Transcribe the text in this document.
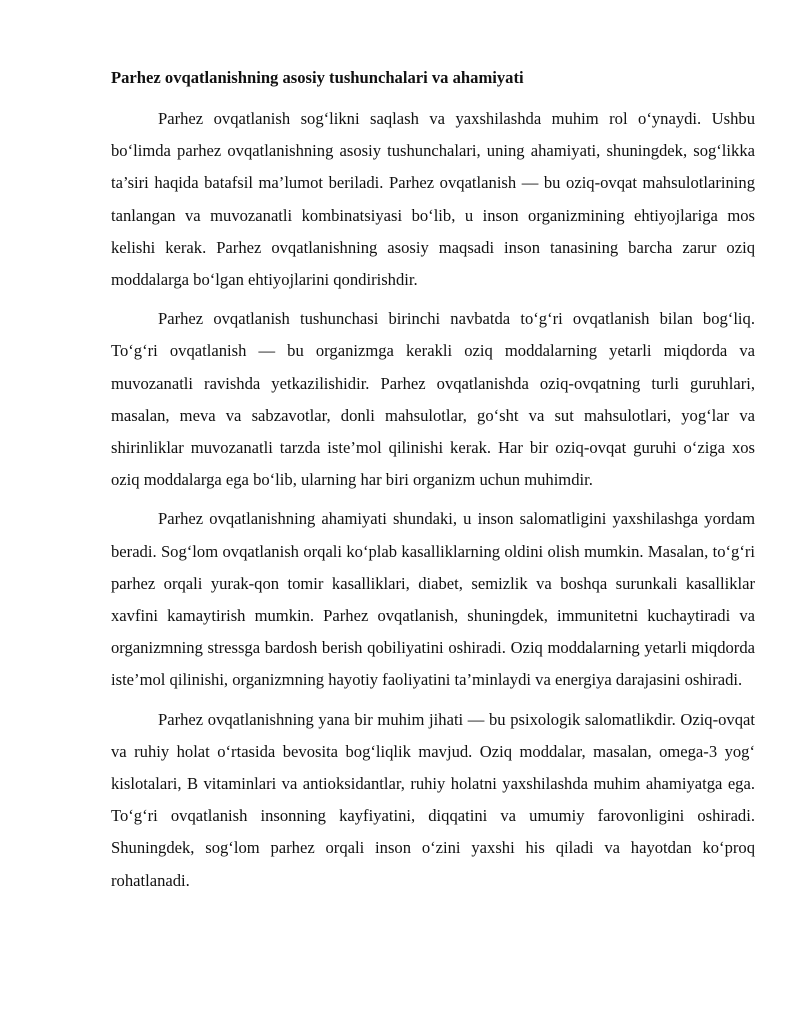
Parhez ovqatlanishning asosiy tushunchalari va ahamiyati

Parhez ovqatlanish sog‘likni saqlash va yaxshilashda muhim rol o‘ynaydi. Ushbu bo‘limda parhez ovqatlanishning asosiy tushunchalari, uning ahamiyati, shuningdek, sog‘likka ta’siri haqida batafsil ma’lumot beriladi. Parhez ovqatlanish — bu oziq-ovqat mahsulotlarining tanlangan va muvozanatli kombinatsiyasi bo‘lib, u inson organizmining ehtiyojlariga mos kelishi kerak. Parhez ovqatlanishning asosiy maqsadi inson tanasining barcha zarur oziq moddalarga bo‘lgan ehtiyojlarini qondirishdir.

Parhez ovqatlanish tushunchasi birinchi navbatda to‘g‘ri ovqatlanish bilan bog‘liq. To‘g‘ri ovqatlanish — bu organizmga kerakli oziq moddalarning yetarli miqdorda va muvozanatli ravishda yetkazilishidir. Parhez ovqatlanishda oziq-ovqatning turli guruhlari, masalan, meva va sabzavotlar, donli mahsulotlar, go‘sht va sut mahsulotlari, yog‘lar va shirinliklar muvozanatli tarzda iste’mol qilinishi kerak. Har bir oziq-ovqat guruhi o‘ziga xos oziq moddalarga ega bo‘lib, ularning har biri organizm uchun muhimdir.

Parhez ovqatlanishning ahamiyati shundaki, u inson salomatligini yaxshilashga yordam beradi. Sog‘lom ovqatlanish orqali ko‘plab kasalliklarning oldini olish mumkin. Masalan, to‘g‘ri parhez orqali yurak-qon tomir kasalliklari, diabet, semizlik va boshqa surunkali kasalliklar xavfini kamaytirish mumkin. Parhez ovqatlanish, shuningdek, immunitetni kuchaytiradi va organizmning stressga bardosh berish qobiliyatini oshiradi. Oziq moddalarning yetarli miqdorda iste’mol qilinishi, organizmning hayotiy faoliyatini ta’minlaydi va energiya darajasini oshiradi.

Parhez ovqatlanishning yana bir muhim jihati — bu psixologik salomatlikdir. Oziq-ovqat va ruhiy holat o‘rtasida bevosita bog‘liqlik mavjud. Oziq moddalar, masalan, omega-3 yog‘ kislotalari, B vitaminlari va antioksidantlar, ruhiy holatni yaxshilashda muhim ahamiyatga ega. To‘g‘ri ovqatlanish insonning kayfiyatini, diqqatini va umumiy farovonligini oshiradi. Shuningdek, sog‘lom parhez orqali inson o‘zini yaxshi his qiladi va hayotdan ko‘proq rohatlanadi.
